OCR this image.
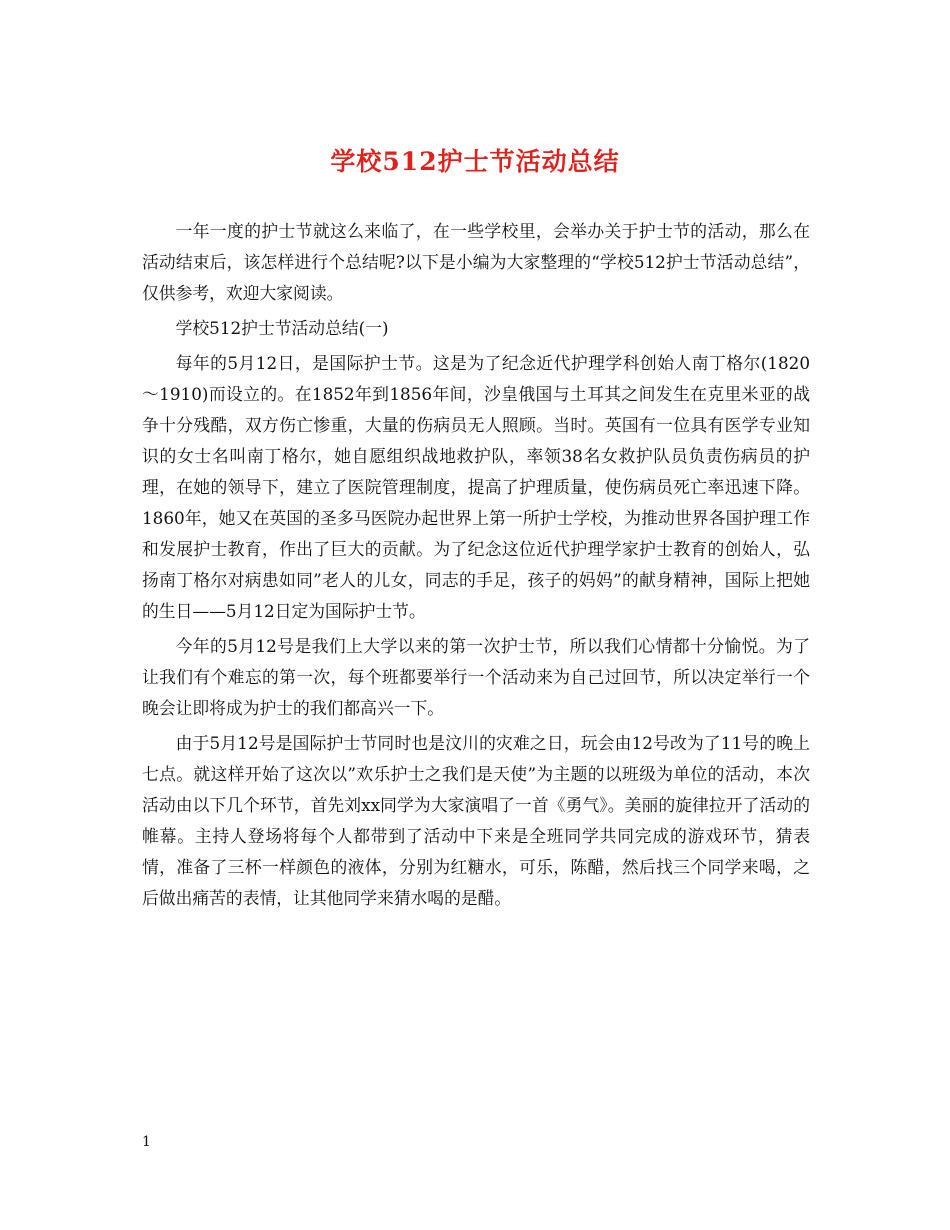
学校512护士节活动总结

一年一度的护士节就这么来临了，在一些学校里，会举办关于护士节的活动，那么在活动结束后，该怎样进行个总结呢?以下是小编为大家整理的“学校512护士节活动总结”，仅供参考，欢迎大家阅读。

学校512护士节活动总结(一)

每年的5月12日，是国际护士节。这是为了纪念近代护理学科创始人南丁格尔(1820～1910)而设立的。在1852年到1856年间，沙皇俄国与土耳其之间发生在克里米亚的战争十分残酷，双方伤亡惨重，大量的伤病员无人照顾。当时。英国有一位具有医学专业知识的女士名叫南丁格尔，她自愿组织战地救护队，率领38名女救护队员负责伤病员的护理，在她的领导下，建立了医院管理制度，提高了护理质量，使伤病员死亡率迅速下降。1860年，她又在英国的圣多马医院办起世界上第一所护士学校，为推动世界各国护理工作和发展护士教育，作出了巨大的贡献。为了纪念这位近代护理学家护士教育的创始人，弘扬南丁格尔对病患如同”老人的儿女，同志的手足，孩子的妈妈”的献身精神，国际上把她的生日——5月12日定为国际护士节。

今年的5月12号是我们上大学以来的第一次护士节，所以我们心情都十分愉悦。为了让我们有个难忘的第一次，每个班都要举行一个活动来为自己过回节，所以决定举行一个晚会让即将成为护士的我们都高兴一下。

由于5月12号是国际护士节同时也是汶川的灾难之日，玩会由12号改为了11号的晚上七点。就这样开始了这次以”欢乐护士之我们是天使”为主题的以班级为单位的活动，本次活动由以下几个环节，首先刘xx同学为大家演唱了一首《勇气》。美丽的旋律拉开了活动的帷幕。主持人登场将每个人都带到了活动中下来是全班同学共同完成的游戏环节，猜表情，准备了三杯一样颜色的液体，分别为红糖水，可乐，陈醋，然后找三个同学来喝，之后做出痛苦的表情，让其他同学来猜水喝的是醋。

1
